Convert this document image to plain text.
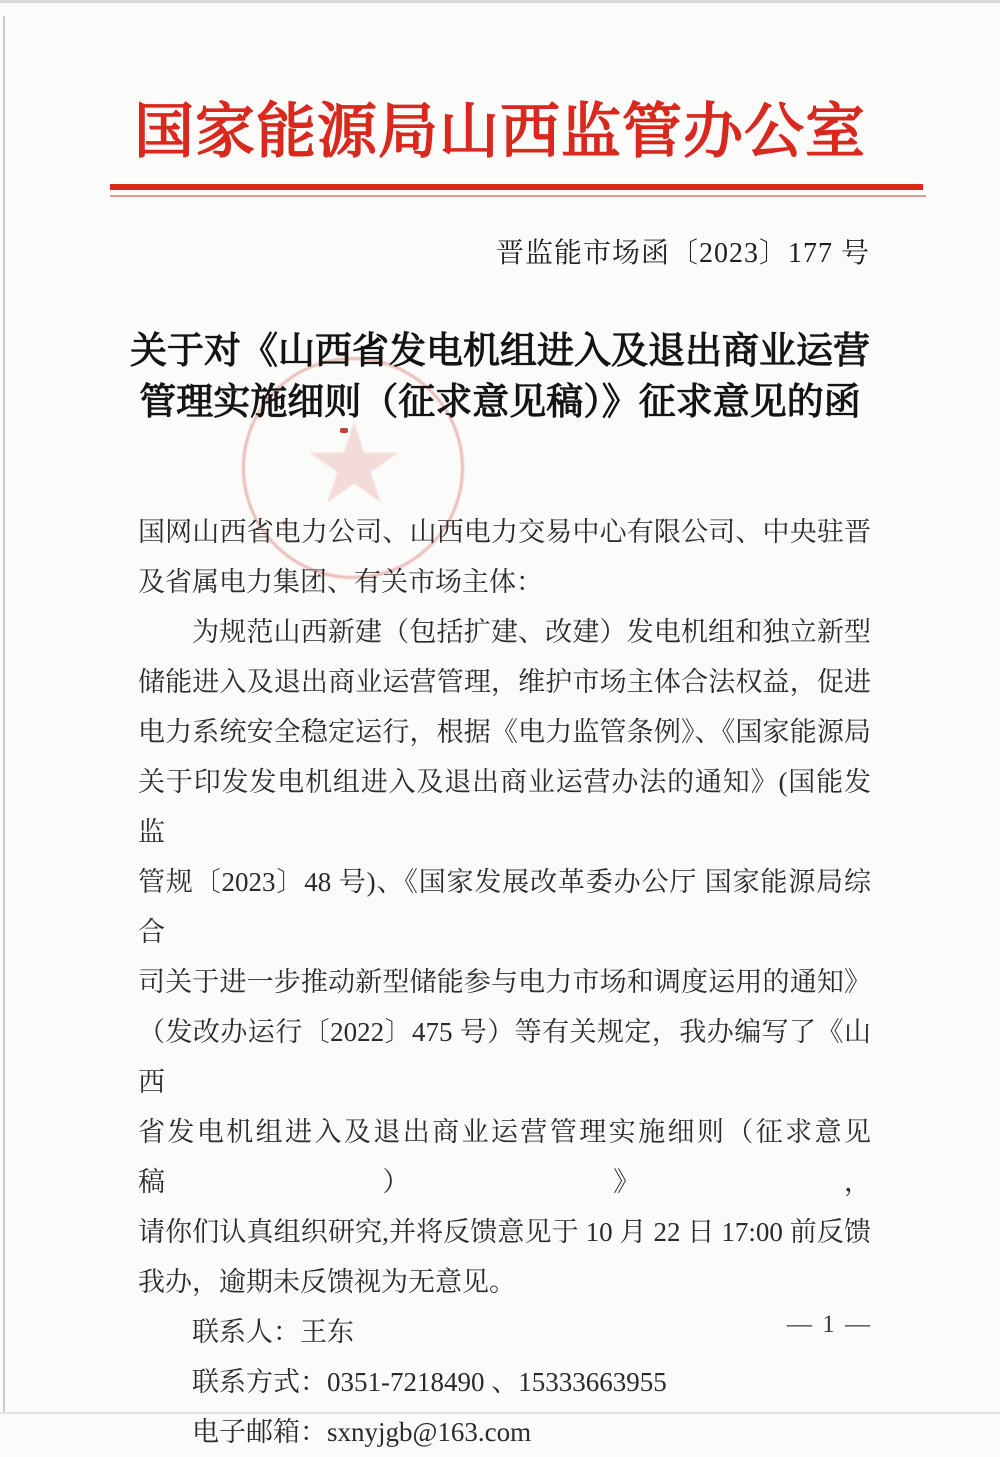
国家能源局山西监管办公室
晋监能市场函〔2023〕177 号
关于对《山西省发电机组进入及退出商业运营
管理实施细则（征求意见稿）》征求意见的函
国网山西省电力公司、山西电力交易中心有限公司、中央驻晋
及省属电力集团、有关市场主体：
为规范山西新建（包括扩建、改建）发电机组和独立新型
储能进入及退出商业运营管理，维护市场主体合法权益，促进
电力系统安全稳定运行，根据《电力监管条例》、《国家能源局
关于印发发电机组进入及退出商业运营办法的通知》(国能发监
管规〔2023〕48 号)、《国家发展改革委办公厅 国家能源局综合
司关于进一步推动新型储能参与电力市场和调度运用的通知》
（发改办运行〔2022〕475 号）等有关规定，我办编写了《山西
省发电机组进入及退出商业运营管理实施细则（征求意见稿）》，
请你们认真组织研究,并将反馈意见于 10 月 22 日 17:00 前反馈
我办，逾期未反馈视为无意见。
联系人：王东
联系方式：0351-7218490 、15333663955
电子邮箱：sxnyjgb@163.com
— 1 —
